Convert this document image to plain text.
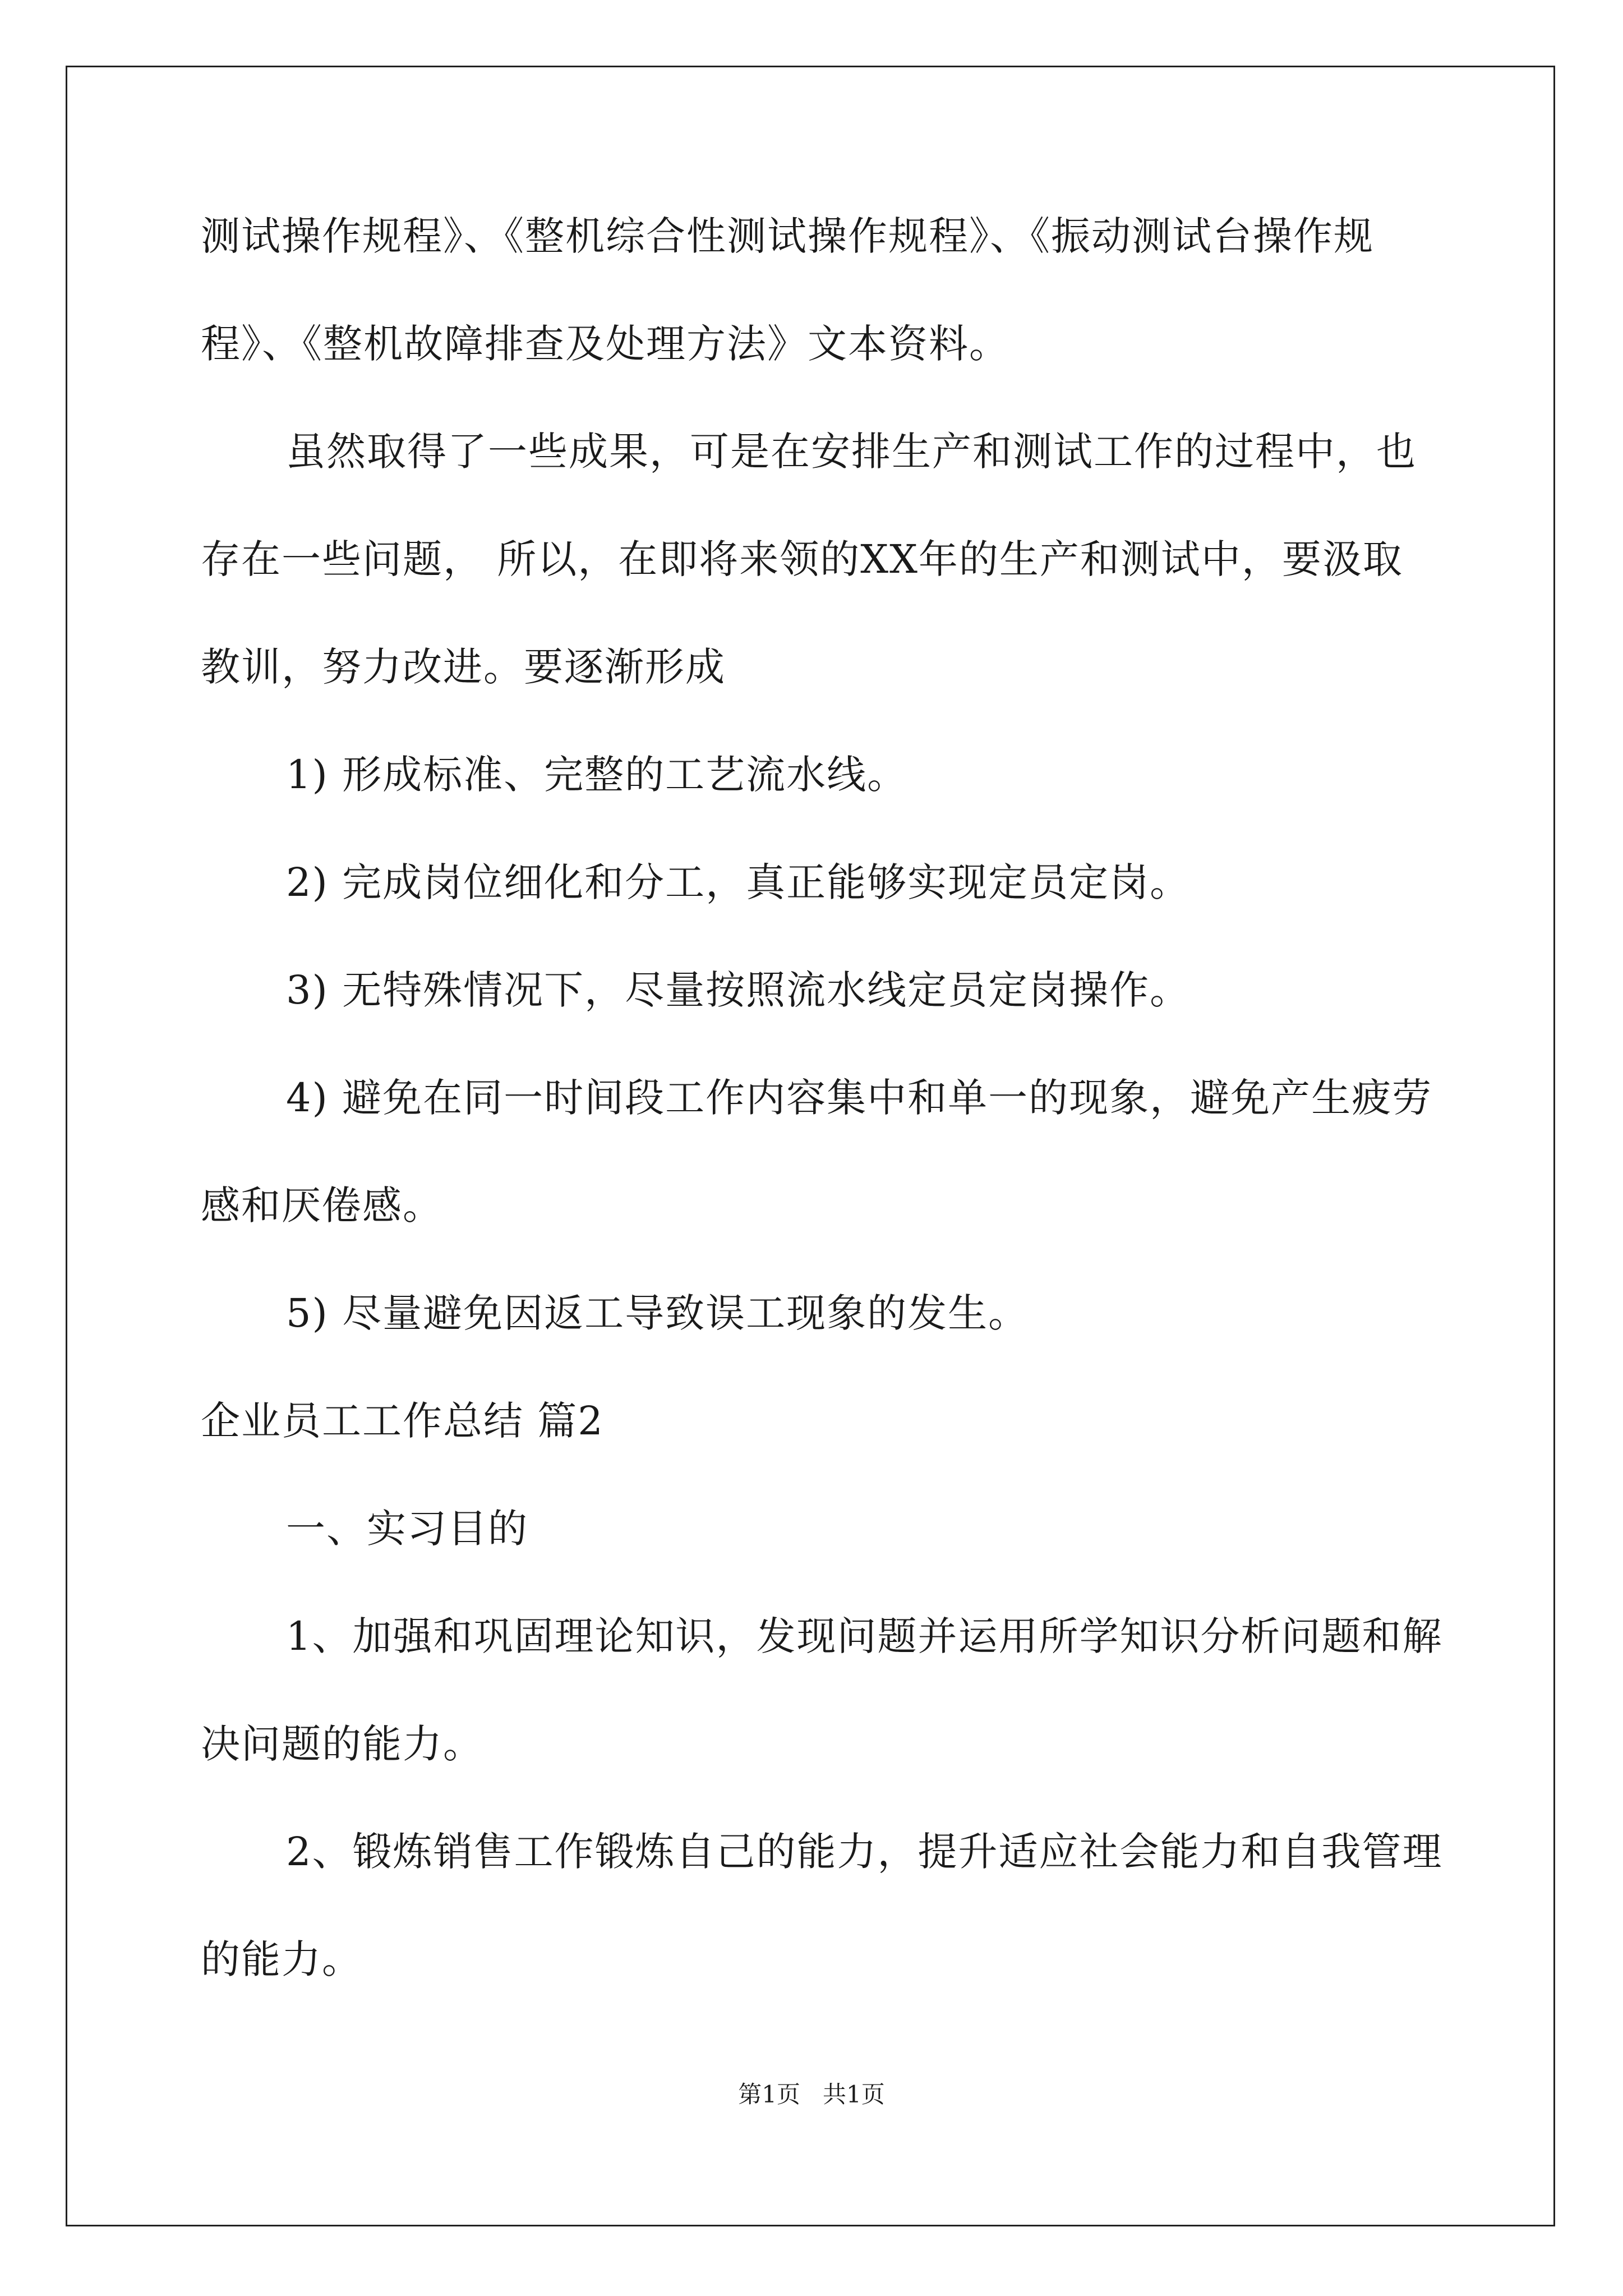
测试操作规程》、《整机综合性测试操作规程》、《振动测试台操作规

程》、《整机故障排查及处理方法》文本资料。

虽然取得了一些成果，可是在安排生产和测试工作的过程中，也

存在一些问题， 所以，在即将来领的XX年的生产和测试中，要汲取

教训，努力改进。要逐渐形成

1) 形成标准、完整的工艺流水线。

2) 完成岗位细化和分工，真正能够实现定员定岗。

3) 无特殊情况下，尽量按照流水线定员定岗操作。

4) 避免在同一时间段工作内容集中和单一的现象，避免产生疲劳

感和厌倦感。

5) 尽量避免因返工导致误工现象的发生。

企业员工工作总结 篇2

一、实习目的

1、加强和巩固理论知识，发现问题并运用所学知识分析问题和解

决问题的能力。

2、锻炼销售工作锻炼自己的能力，提升适应社会能力和自我管理

的能力。

第1页   共1页
